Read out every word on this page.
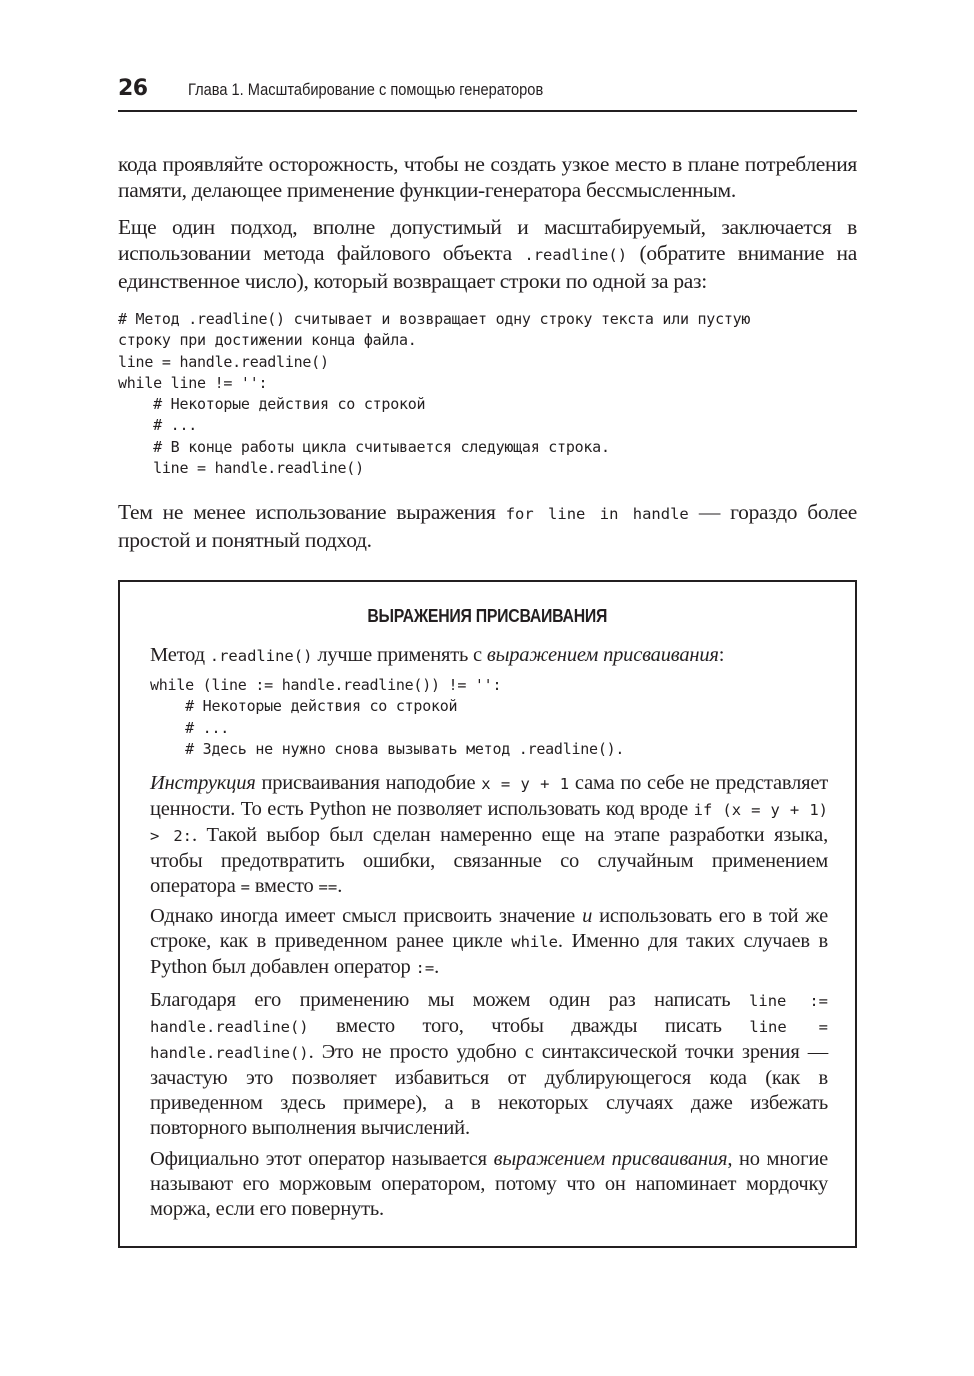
26 Глава 1. Масштабирование с помощью генераторов

кода проявляйте осторожность, чтобы не создать узкое место в плане потребления памяти, делающее применение функции-генератора бессмысленным.

Еще один подход, вполне допустимый и масштабируемый, заключается в использовании метода файлового объекта .readline() (обратите внимание на единственное число), который возвращает строки по одной за раз:

# Метод .readline() считывает и возвращает одну строку текста или пустую
строку при достижении конца файла.
line = handle.readline()
while line != '':
# Некоторые действия со строкой
# ...
# В конце работы цикла считывается следующая строка.
line = handle.readline()

Тем не менее использование выражения for line in handle — гораздо более простой и понятный подход.

ВЫРАЖЕНИЯ ПРИСВАИВАНИЯ

Метод .readline() лучше применять с выражением присваивания:

while (line := handle.readline()) != '':
# Некоторые действия со строкой
# ...
# Здесь не нужно снова вызывать метод .readline().

Инструкция присваивания наподобие x = y + 1 сама по себе не представляет ценности. То есть Python не позволяет использовать код вроде if (x = y + 1) > 2:. Такой выбор был сделан намеренно еще на этапе разработки языка, чтобы предотвратить ошибки, связанные со случайным применением оператора = вместо ==.

Однако иногда имеет смысл присвоить значение и использовать его в той же строке, как в приведенном ранее цикле while. Именно для таких случаев в Python был добавлен оператор :=.

Благодаря его применению мы можем один раз написать line := handle.readline() вместо того, чтобы дважды писать line = handle.readline(). Это не просто удобно с синтаксической точки зрения — зачастую это позволяет избавиться от дублирующегося кода (как в приведенном здесь примере), а в некоторых случаях даже избежать повторного выполнения вычислений.

Официально этот оператор называется выражением присваивания, но многие называют его моржовым оператором, потому что он напоминает мордочку моржа, если его повернуть.
